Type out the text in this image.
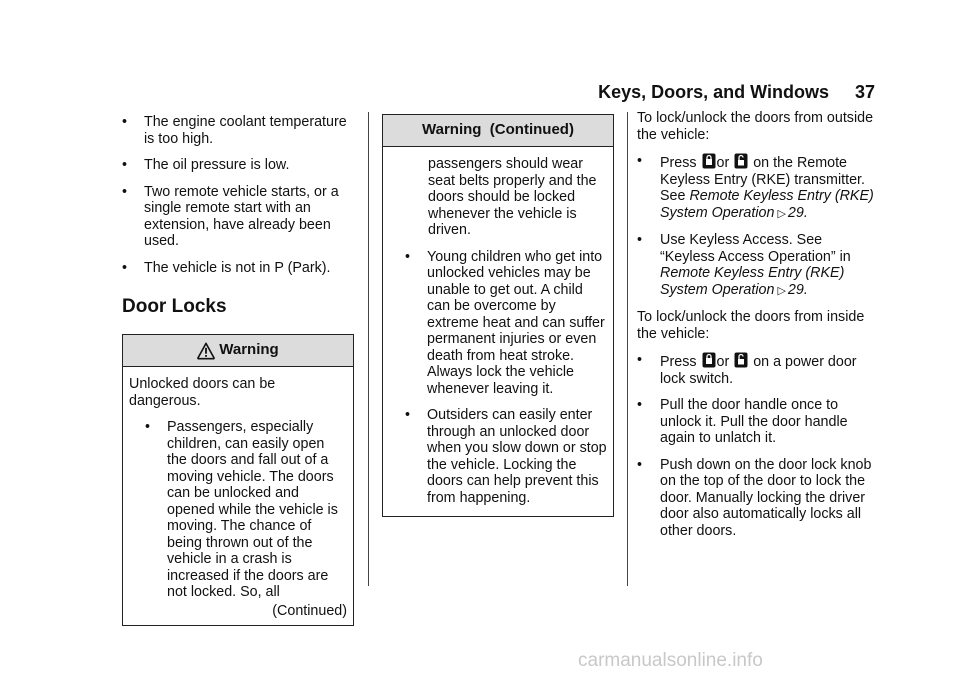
Keys, Doors, and Windows 37
•	The engine coolant temperature is too high.
•	The oil pressure is low.
•	Two remote vehicle starts, or a single remote start with an extension, have already been used.
•	The vehicle is not in P (Park).
Door Locks
Warning

Unlocked doors can be dangerous.

•	Passengers, especially children, can easily open the doors and fall out of a moving vehicle. The doors can be unlocked and opened while the vehicle is moving. The chance of being thrown out of the vehicle in a crash is increased if the doors are not locked. So, all
(Continued)
Warning  (Continued)

passengers should wear seat belts properly and the doors should be locked whenever the vehicle is driven.

•	Young children who get into unlocked vehicles may be unable to get out. A child can be overcome by extreme heat and can suffer permanent injuries or even death from heat stroke. Always lock the vehicle whenever leaving it.
•	Outsiders can easily enter through an unlocked door when you slow down or stop the vehicle. Locking the doors can help prevent this from happening.

To lock/unlock the doors from outside the vehicle:

•	Press or on the Remote Keyless Entry (RKE) transmitter. See Remote Keyless Entry (RKE) System Operation ▷ 29.
•	Use Keyless Access. See “Keyless Access Operation” in Remote Keyless Entry (RKE) System Operation ▷ 29.

To lock/unlock the doors from inside the vehicle:

•	Press or on a power door lock switch.
•	Pull the door handle once to unlock it. Pull the door handle again to unlatch it.
•	Push down on the door lock knob on the top of the door to lock the door. Manually locking the driver door also automatically locks all other doors.
carmanualsonline.info
